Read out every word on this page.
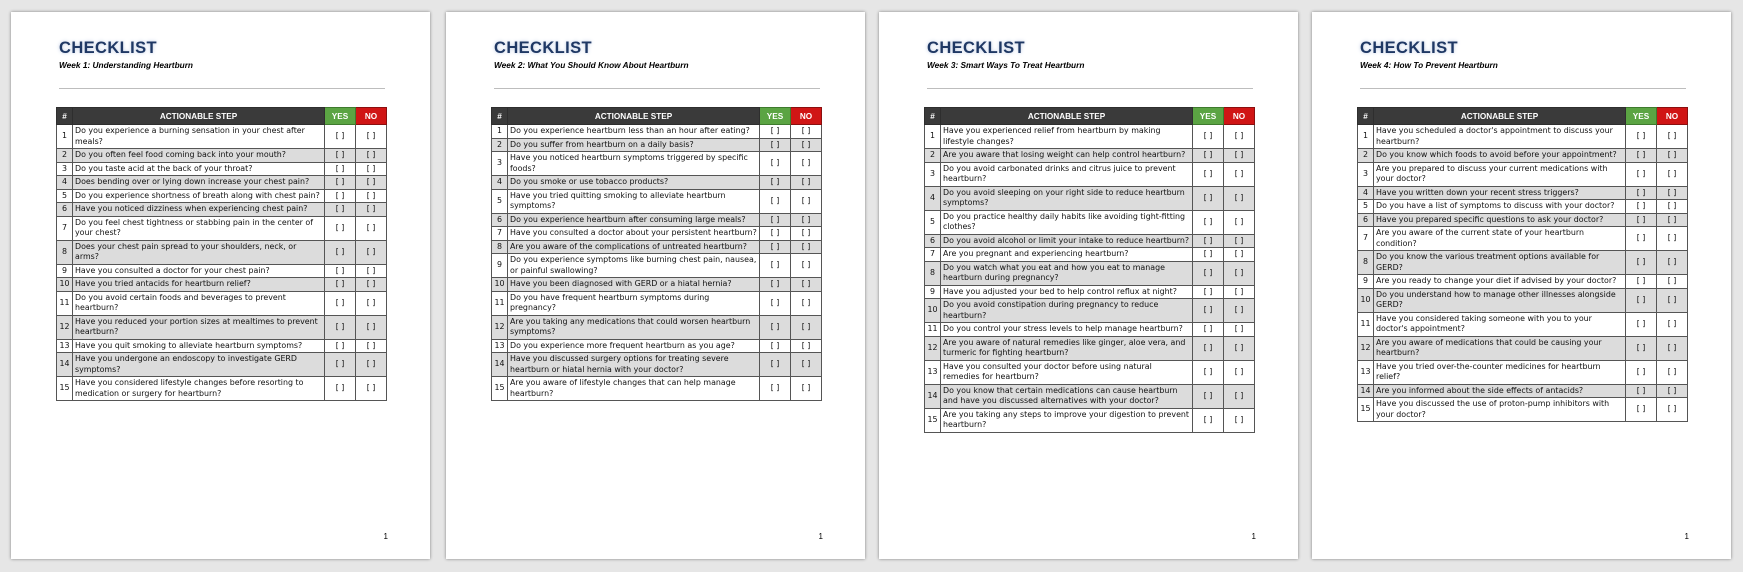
CHECKLIST
Week 1: Understanding Heartburn
#	ACTIONABLE STEP	YES	NO
1	Do you experience a burning sensation in your chest after meals?	[ ]	[ ]
2	Do you often feel food coming back into your mouth?	[ ]	[ ]
3	Do you taste acid at the back of your throat?	[ ]	[ ]
4	Does bending over or lying down increase your chest pain?	[ ]	[ ]
5	Do you experience shortness of breath along with chest pain?	[ ]	[ ]
6	Have you noticed dizziness when experiencing chest pain?	[ ]	[ ]
7	Do you feel chest tightness or stabbing pain in the center of your chest?	[ ]	[ ]
8	Does your chest pain spread to your shoulders, neck, or arms?	[ ]	[ ]
9	Have you consulted a doctor for your chest pain?	[ ]	[ ]
10	Have you tried antacids for heartburn relief?	[ ]	[ ]
11	Do you avoid certain foods and beverages to prevent heartburn?	[ ]	[ ]
12	Have you reduced your portion sizes at mealtimes to prevent heartburn?	[ ]	[ ]
13	Have you quit smoking to alleviate heartburn symptoms?	[ ]	[ ]
14	Have you undergone an endoscopy to investigate GERD symptoms?	[ ]	[ ]
15	Have you considered lifestyle changes before resorting to medication or surgery for heartburn?	[ ]	[ ]
1
CHECKLIST
Week 2: What You Should Know About Heartburn
#	ACTIONABLE STEP	YES	NO
1	Do you experience heartburn less than an hour after eating?	[ ]	[ ]
2	Do you suffer from heartburn on a daily basis?	[ ]	[ ]
3	Have you noticed heartburn symptoms triggered by specific foods?	[ ]	[ ]
4	Do you smoke or use tobacco products?	[ ]	[ ]
5	Have you tried quitting smoking to alleviate heartburn symptoms?	[ ]	[ ]
6	Do you experience heartburn after consuming large meals?	[ ]	[ ]
7	Have you consulted a doctor about your persistent heartburn?	[ ]	[ ]
8	Are you aware of the complications of untreated heartburn?	[ ]	[ ]
9	Do you experience symptoms like burning chest pain, nausea, or painful swallowing?	[ ]	[ ]
10	Have you been diagnosed with GERD or a hiatal hernia?	[ ]	[ ]
11	Do you have frequent heartburn symptoms during pregnancy?	[ ]	[ ]
12	Are you taking any medications that could worsen heartburn symptoms?	[ ]	[ ]
13	Do you experience more frequent heartburn as you age?	[ ]	[ ]
14	Have you discussed surgery options for treating severe heartburn or hiatal hernia with your doctor?	[ ]	[ ]
15	Are you aware of lifestyle changes that can help manage heartburn?	[ ]	[ ]
1
CHECKLIST
Week 3: Smart Ways To Treat Heartburn
#	ACTIONABLE STEP	YES	NO
1	Have you experienced relief from heartburn by making lifestyle changes?	[ ]	[ ]
2	Are you aware that losing weight can help control heartburn?	[ ]	[ ]
3	Do you avoid carbonated drinks and citrus juice to prevent heartburn?	[ ]	[ ]
4	Do you avoid sleeping on your right side to reduce heartburn symptoms?	[ ]	[ ]
5	Do you practice healthy daily habits like avoiding tight-fitting clothes?	[ ]	[ ]
6	Do you avoid alcohol or limit your intake to reduce heartburn?	[ ]	[ ]
7	Are you pregnant and experiencing heartburn?	[ ]	[ ]
8	Do you watch what you eat and how you eat to manage heartburn during pregnancy?	[ ]	[ ]
9	Have you adjusted your bed to help control reflux at night?	[ ]	[ ]
10	Do you avoid constipation during pregnancy to reduce heartburn?	[ ]	[ ]
11	Do you control your stress levels to help manage heartburn?	[ ]	[ ]
12	Are you aware of natural remedies like ginger, aloe vera, and turmeric for fighting heartburn?	[ ]	[ ]
13	Have you consulted your doctor before using natural remedies for heartburn?	[ ]	[ ]
14	Do you know that certain medications can cause heartburn and have you discussed alternatives with your doctor?	[ ]	[ ]
15	Are you taking any steps to improve your digestion to prevent heartburn?	[ ]	[ ]
1
CHECKLIST
Week 4: How To Prevent Heartburn
#	ACTIONABLE STEP	YES	NO
1	Have you scheduled a doctor's appointment to discuss your heartburn?	[ ]	[ ]
2	Do you know which foods to avoid before your appointment?	[ ]	[ ]
3	Are you prepared to discuss your current medications with your doctor?	[ ]	[ ]
4	Have you written down your recent stress triggers?	[ ]	[ ]
5	Do you have a list of symptoms to discuss with your doctor?	[ ]	[ ]
6	Have you prepared specific questions to ask your doctor?	[ ]	[ ]
7	Are you aware of the current state of your heartburn condition?	[ ]	[ ]
8	Do you know the various treatment options available for GERD?	[ ]	[ ]
9	Are you ready to change your diet if advised by your doctor?	[ ]	[ ]
10	Do you understand how to manage other illnesses alongside GERD?	[ ]	[ ]
11	Have you considered taking someone with you to your doctor's appointment?	[ ]	[ ]
12	Are you aware of medications that could be causing your heartburn?	[ ]	[ ]
13	Have you tried over-the-counter medicines for heartburn relief?	[ ]	[ ]
14	Are you informed about the side effects of antacids?	[ ]	[ ]
15	Have you discussed the use of proton-pump inhibitors with your doctor?	[ ]	[ ]
1
